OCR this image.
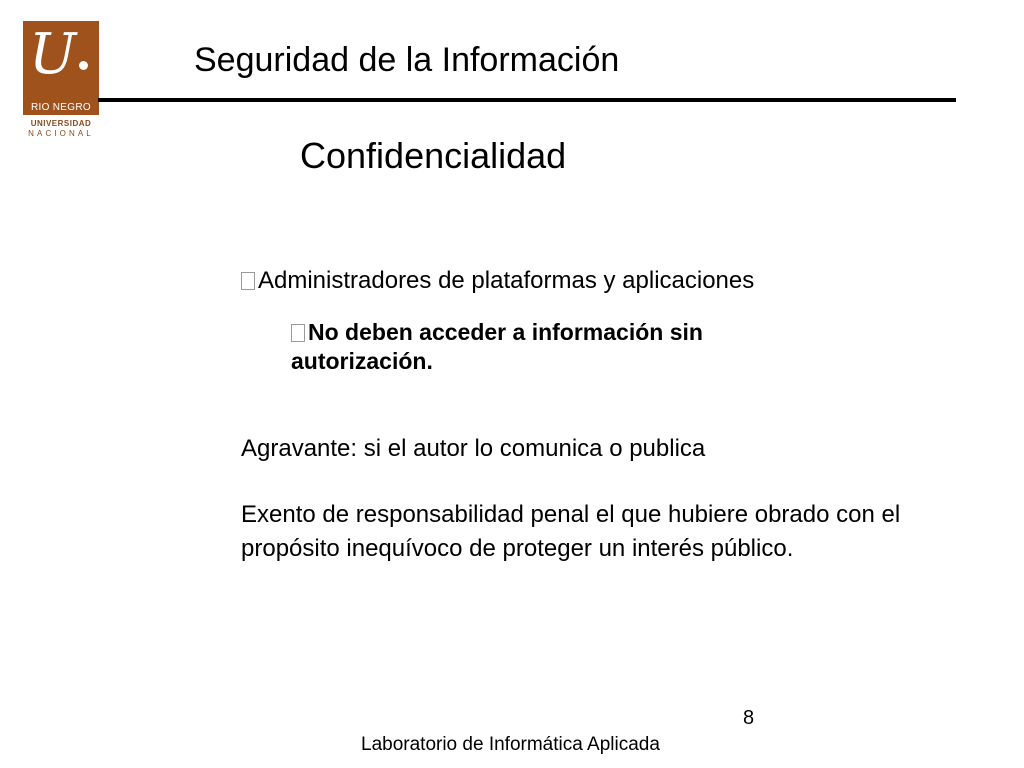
U
RIO NEGRO
UNIVERSIDAD
NACIONAL
Seguridad de la Información
Confidencialidad
Administradores de plataformas y aplicaciones
No deben acceder a información sin autorización.
Agravante: si el autor lo comunica o publica
Exento de responsabilidad penal el que hubiere obrado con el propósito inequívoco de proteger un interés público.
8
Laboratorio de Informática Aplicada
